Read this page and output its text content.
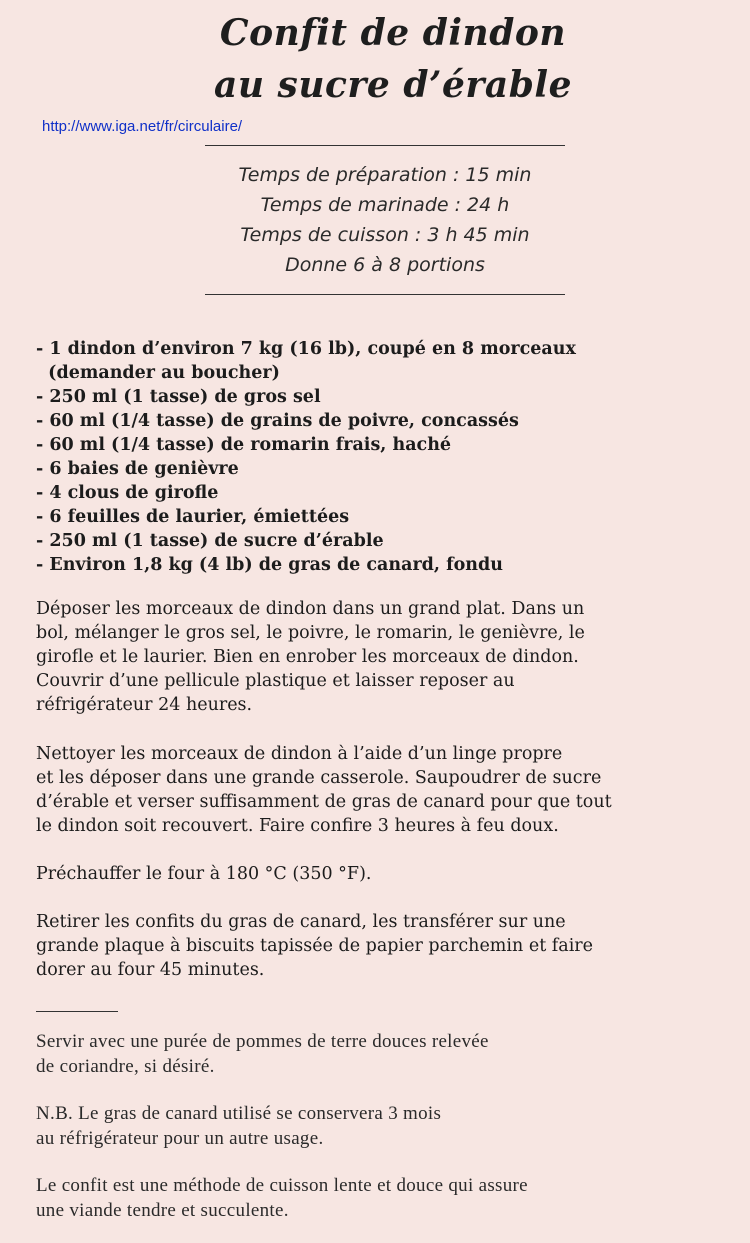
Confit de dindon
au sucre d’érable
http://www.iga.net/fr/circulaire/
Temps de préparation : 15 min
Temps de marinade : 24 h
Temps de cuisson : 3 h 45 min
Donne 6 à 8 portions
- 1 dindon d’environ 7 kg (16 lb), coupé en 8 morceaux
(demander au boucher)
- 250 ml (1 tasse) de gros sel
- 60 ml (1/4 tasse) de grains de poivre, concassés
- 60 ml (1/4 tasse) de romarin frais, haché
- 6 baies de genièvre
- 4 clous de girofle
- 6 feuilles de laurier, émiettées
- 250 ml (1 tasse) de sucre d’érable
- Environ 1,8 kg (4 lb) de gras de canard, fondu
Déposer les morceaux de dindon dans un grand plat. Dans un
bol, mélanger le gros sel, le poivre, le romarin, le genièvre, le
girofle et le laurier. Bien en enrober les morceaux de dindon.
Couvrir d’une pellicule plastique et laisser reposer au
réfrigérateur 24 heures.
Nettoyer les morceaux de dindon à l’aide d’un linge propre
et les déposer dans une grande casserole. Saupoudrer de sucre
d’érable et verser suffisamment de gras de canard pour que tout
le dindon soit recouvert. Faire confire 3 heures à feu doux.
Préchauffer le four à 180 °C (350 °F).
Retirer les confits du gras de canard, les transférer sur une
grande plaque à biscuits tapissée de papier parchemin et faire
dorer au four 45 minutes.
Servir avec une purée de pommes de terre douces relevée
de coriandre, si désiré.
N.B. Le gras de canard utilisé se conservera 3 mois
au réfrigérateur pour un autre usage.
Le confit est une méthode de cuisson lente et douce qui assure
une viande tendre et succulente.
